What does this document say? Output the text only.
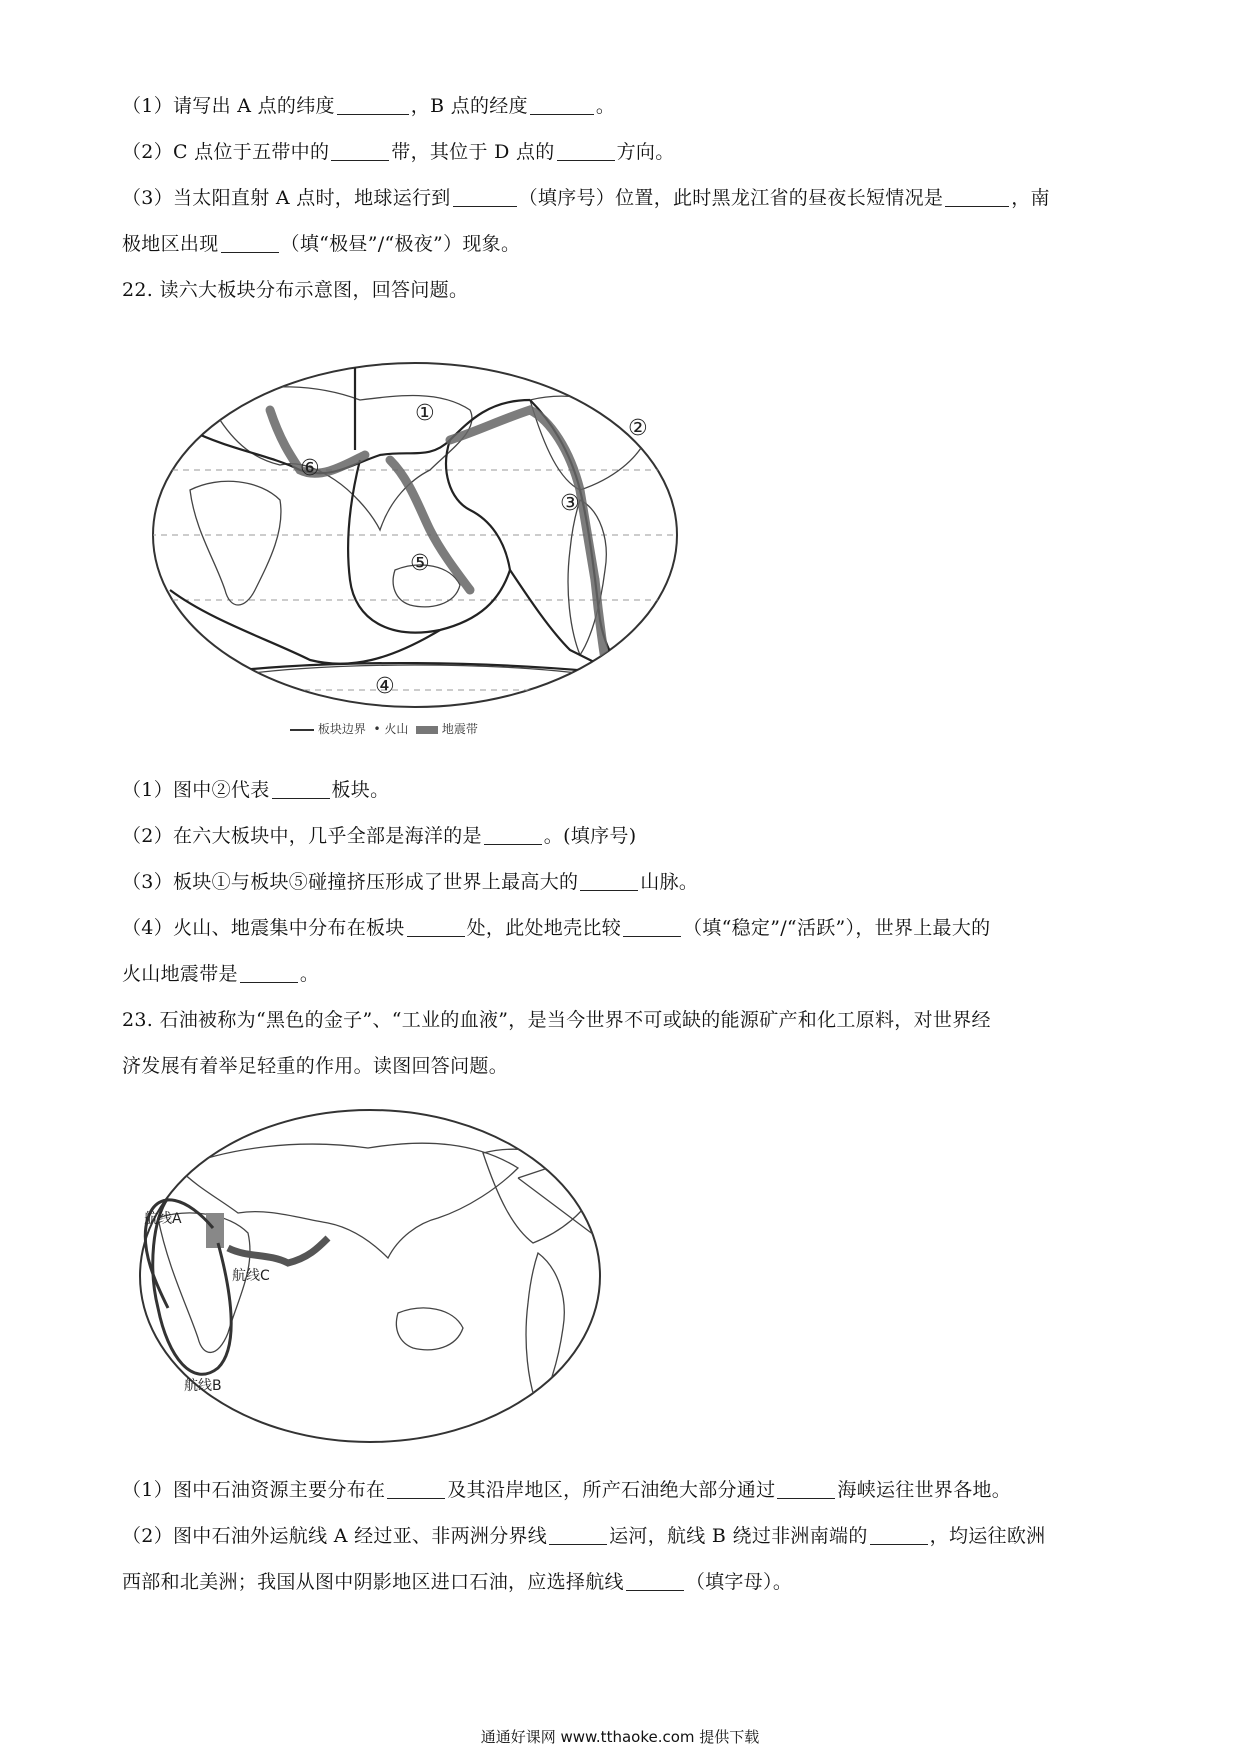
（1）请写出 A 点的纬度	，B 点的经度	。
（2）C 点位于五带中的	带，其位于 D 点的	方向。
（3）当太阳直射 A 点时，地球运行到	（填序号）位置，此时黑龙江省的昼夜长短情况是	，南
极地区出现	（填“极昼”/“极夜”）现象。
22. 读六大板块分布示意图，回答问题。
⑥
①
②
③
⑤
④
板块边界 • 火山	地震带
（1）图中②代表	板块。
（2）在六大板块中，几乎全部是海洋的是	。(填序号)
（3）板块①与板块⑤碰撞挤压形成了世界上最高大的	山脉。
（4）火山、地震集中分布在板块	处，此处地壳比较	（填“稳定”/“活跃”），世界上最大的
火山地震带是	。
23. 石油被称为“黑色的金子”、“工业的血液”，是当今世界不可或缺的能源矿产和化工原料，对世界经
济发展有着举足轻重的作用。读图回答问题。
航线A
航线C
航线B
（1）图中石油资源主要分布在	及其沿岸地区，所产石油绝大部分通过	海峡运往世界各地。
（2）图中石油外运航线 A 经过亚、非两洲分界线	运河，航线 B 绕过非洲南端的	，均运往欧洲
西部和北美洲；我国从图中阴影地区进口石油，应选择航线	（填字母）。
通通好课网 www.tthaoke.com 提供下载
